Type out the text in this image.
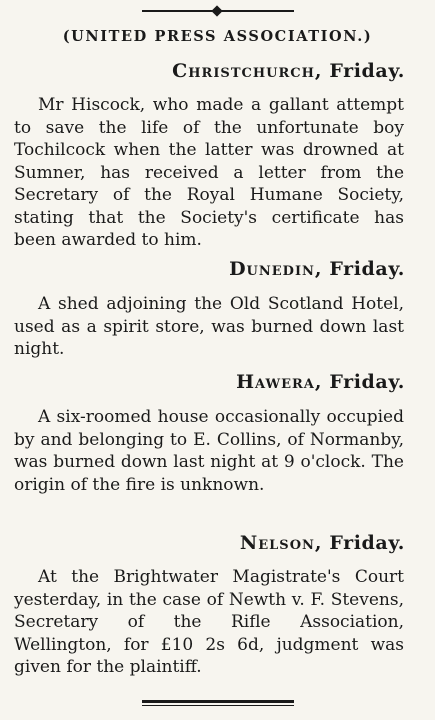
(UNITED PRESS ASSOCIATION.)
Christchurch, Friday.

Mr Hiscock, who made a gallant attempt to save the life of the unfortunate boy Tochilcock when the latter was drowned at Sumner, has received a letter from the Secretary of the Royal Humane Society, stating that the Society's certificate has been awarded to him.

Dunedin, Friday.

A shed adjoining the Old Scotland Hotel, used as a spirit store, was burned down last night.

Hawera, Friday.

A six-roomed house occasionally occupied by and belonging to E. Collins, of Normanby, was burned down last night at 9 o'clock. The origin of the fire is unknown.

Nelson, Friday.

At the Brightwater Magistrate's Court yesterday, in the case of Newth v. F. Stevens, Secretary of the Rifle Association, Wellington, for £10 2s 6d, judgment was given for the plaintiff.
